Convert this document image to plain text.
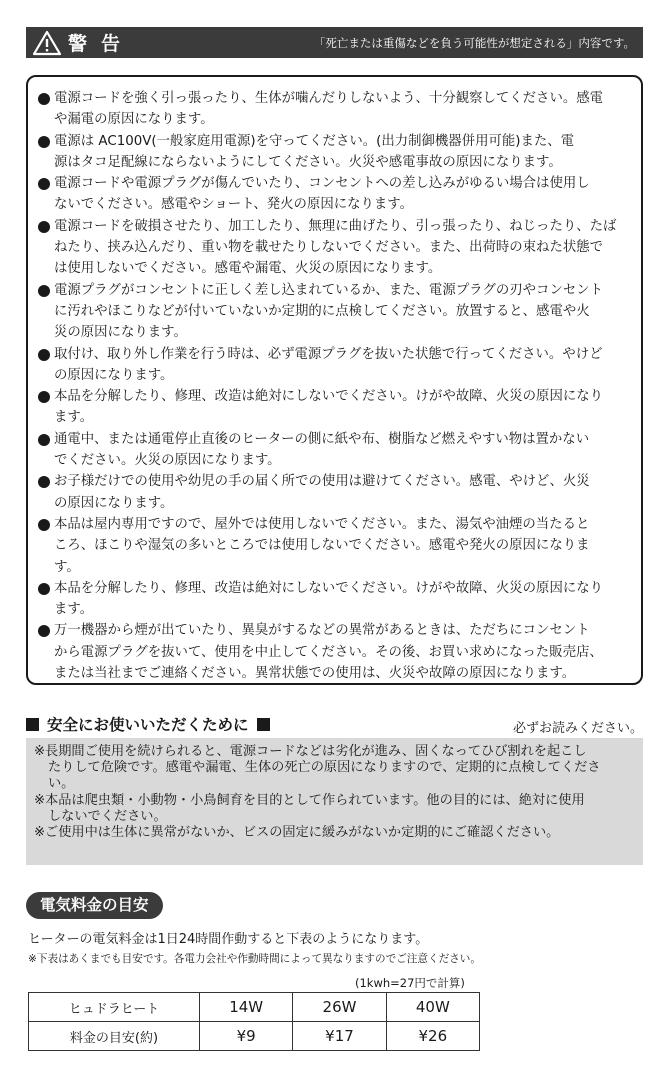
警告	「死亡または重傷などを負う可能性が想定される」内容です。
電源コードを強く引っ張ったり、生体が噛んだりしないよう、十分観察してください。感電
や漏電の原因になります。
電源は AC100V(一般家庭用電源)を守ってください。(出力制御機器併用可能)また、電
源はタコ足配線にならないようにしてください。火災や感電事故の原因になります。
電源コードや電源プラグが傷んでいたり、コンセントへの差し込みがゆるい場合は使用し
ないでください。感電やショート、発火の原因になります。
電源コードを破損させたり、加工したり、無理に曲げたり、引っ張ったり、ねじったり、たば
ねたり、挟み込んだり、重い物を載せたりしないでください。また、出荷時の束ねた状態で
は使用しないでください。感電や漏電、火災の原因になります。
電源プラグがコンセントに正しく差し込まれているか、また、電源プラグの刃やコンセント
に汚れやほこりなどが付いていないか定期的に点検してください。放置すると、感電や火
災の原因になります。
取付け、取り外し作業を行う時は、必ず電源プラグを抜いた状態で行ってください。やけど
の原因になります。
本品を分解したり、修理、改造は絶対にしないでください。けがや故障、火災の原因になり
ます。
通電中、または通電停止直後のヒーターの側に紙や布、樹脂など燃えやすい物は置かない
でください。火災の原因になります。
お子様だけでの使用や幼児の手の届く所での使用は避けてください。感電、やけど、火災
の原因になります。
本品は屋内専用ですので、屋外では使用しないでください。また、湯気や油煙の当たると
ころ、ほこりや湿気の多いところでは使用しないでください。感電や発火の原因になりま
す。
本品を分解したり、修理、改造は絶対にしないでください。けがや故障、火災の原因になり
ます。
万一機器から煙が出ていたり、異臭がするなどの異常があるときは、ただちにコンセント
から電源プラグを抜いて、使用を中止してください。その後、お買い求めになった販売店、
または当社までご連絡ください。異常状態での使用は、火災や故障の原因になります。
安全にお使いいただくために	必ずお読みください。
※長期間ご使用を続けられると、電源コードなどは劣化が進み、固くなってひび割れを起こし
たりして危険です。感電や漏電、生体の死亡の原因になりますので、定期的に点検してくださ
い。
※本品は爬虫類・小動物・小鳥飼育を目的として作られています。他の目的には、絶対に使用
しないでください。
※ご使用中は生体に異常がないか、ビスの固定に緩みがないか定期的にご確認ください。
電気料金の目安
ヒーターの電気料金は1日24時間作動すると下表のようになります。
※下表はあくまでも目安です。各電力会社や作動時間によって異なりますのでご注意ください。
(1kwh=27円で計算)
ヒュドラヒート	14W	26W	40W
料金の目安(約)	¥9	¥17	¥26
